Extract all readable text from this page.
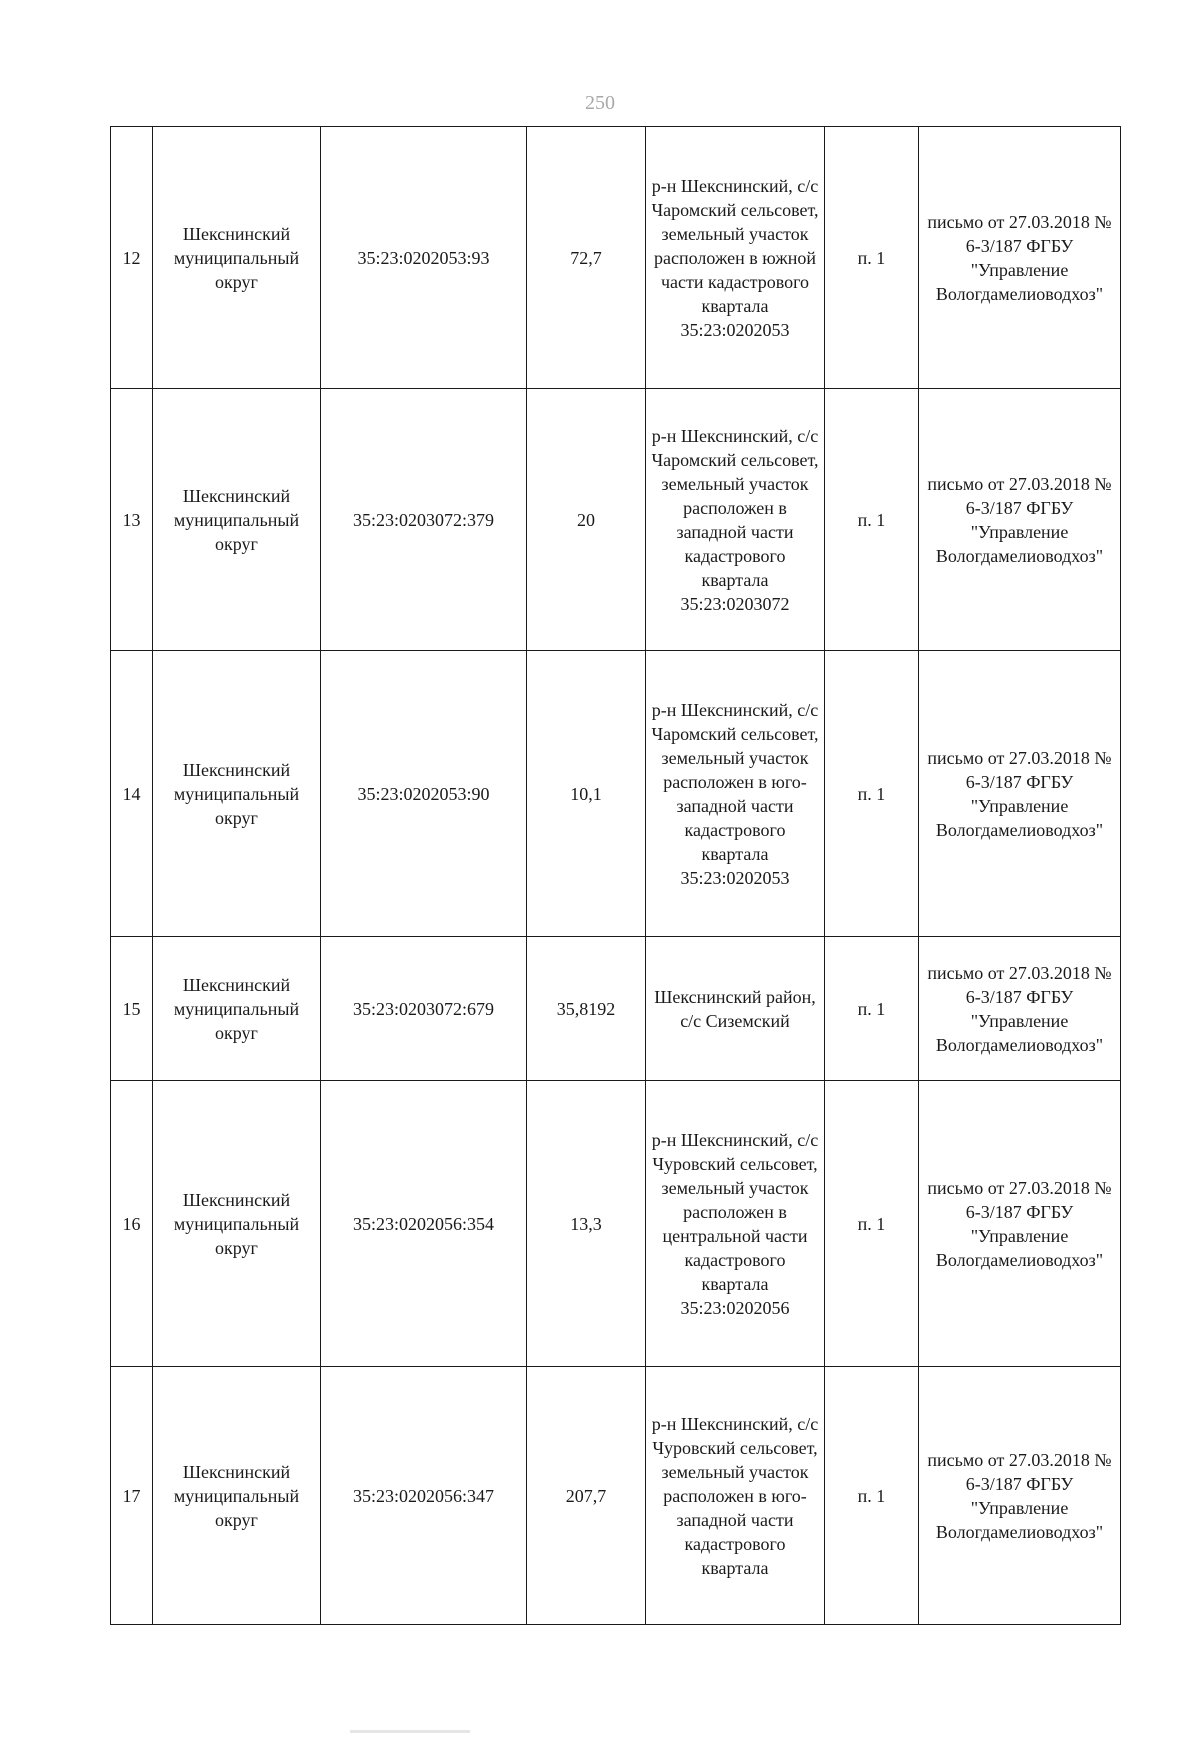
250
12	Шекснинский муниципальный округ	35:23:0202053:93	72,7	р-н Шекснинский, с/с Чаромский сельсовет, земельный участок расположен в южной части кадастрового квартала 35:23:0202053	п. 1	письмо от 27.03.2018 № 6-3/187 ФГБУ "Управление Вологдамелиоводхоз"
13	Шекснинский муниципальный округ	35:23:0203072:379	20	р-н Шекснинский, с/с Чаромский сельсовет, земельный участок расположен в западной части кадастрового квартала 35:23:0203072	п. 1	письмо от 27.03.2018 № 6-3/187 ФГБУ "Управление Вологдамелиоводхоз"
14	Шекснинский муниципальный округ	35:23:0202053:90	10,1	р-н Шекснинский, с/с Чаромский сельсовет, земельный участок расположен в юго-западной части кадастрового квартала 35:23:0202053	п. 1	письмо от 27.03.2018 № 6-3/187 ФГБУ "Управление Вологдамелиоводхоз"
15	Шекснинский муниципальный округ	35:23:0203072:679	35,8192	Шекснинский район, с/с Сиземский	п. 1	письмо от 27.03.2018 № 6-3/187 ФГБУ "Управление Вологдамелиоводхоз"
16	Шекснинский муниципальный округ	35:23:0202056:354	13,3	р-н Шекснинский, с/с Чуровский сельсовет, земельный участок расположен в центральной части кадастрового квартала 35:23:0202056	п. 1	письмо от 27.03.2018 № 6-3/187 ФГБУ "Управление Вологдамелиоводхоз"
17	Шекснинский муниципальный округ	35:23:0202056:347	207,7	р-н Шекснинский, с/с Чуровский сельсовет, земельный участок расположен в юго-западной части кадастрового квартала	п. 1	письмо от 27.03.2018 № 6-3/187 ФГБУ "Управление Вологдамелиоводхоз"
